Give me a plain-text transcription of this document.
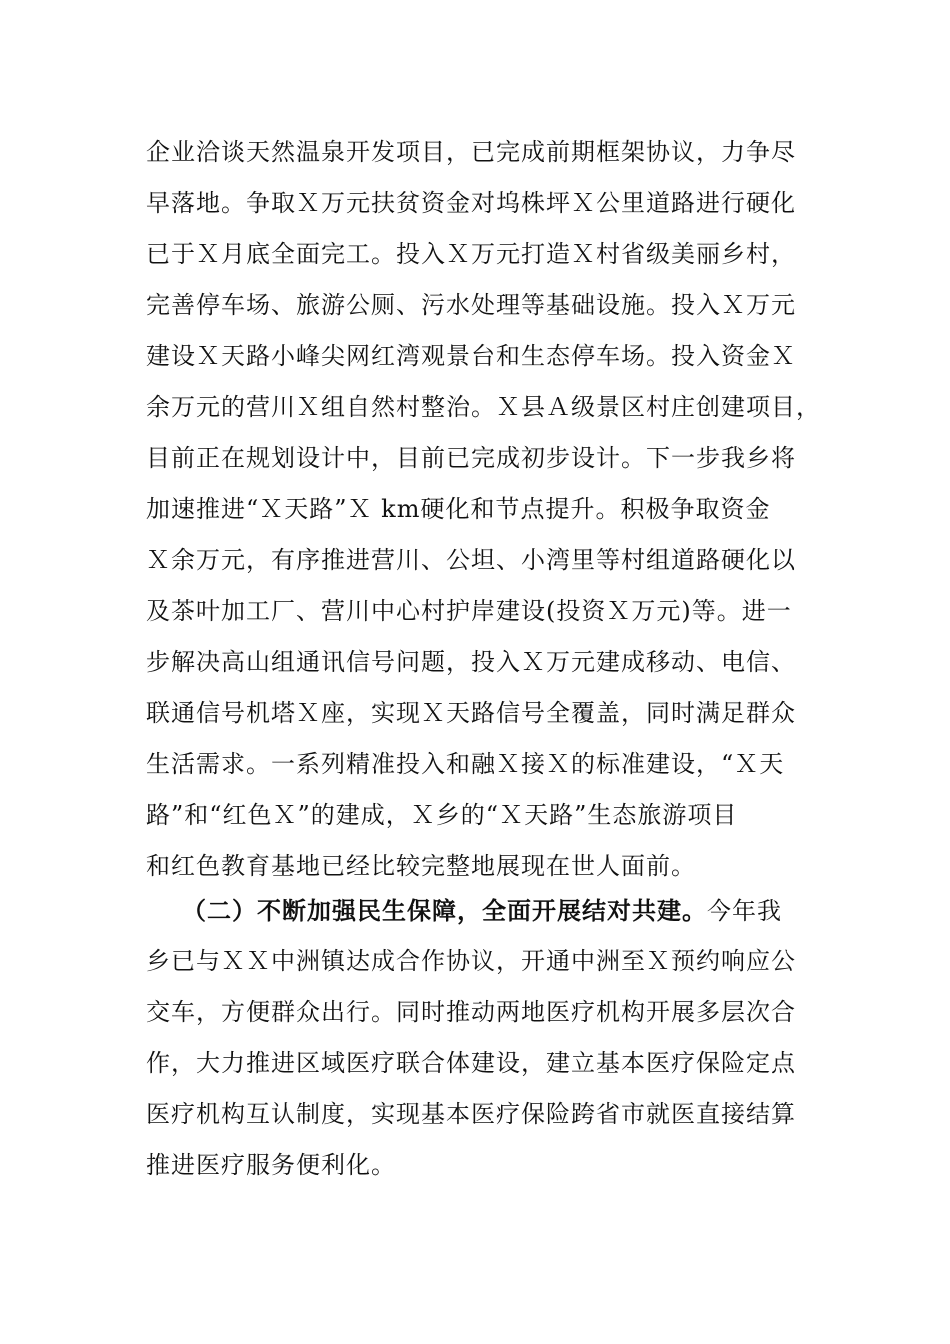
企业洽谈天然温泉开发项目，已完成前期框架协议，力争尽
早落地。争取Ｘ万元扶贫资金对坞株坪Ｘ公里道路进行硬化
已于Ｘ月底全面完工。投入Ｘ万元打造Ｘ村省级美丽乡村，
完善停车场、旅游公厕、污水处理等基础设施。投入Ｘ万元
建设Ｘ天路小峰尖网红湾观景台和生态停车场。投入资金Ｘ
余万元的营川Ｘ组自然村整治。Ｘ县Ａ级景区村庄创建项目，
目前正在规划设计中，目前已完成初步设计。下一步我乡将
加速推进“Ｘ天路”Ｘ km硬化和节点提升。积极争取资金
Ｘ余万元，有序推进营川、公坦、小湾里等村组道路硬化以
及茶叶加工厂、营川中心村护岸建设(投资Ｘ万元)等。进一
步解决高山组通讯信号问题，投入Ｘ万元建成移动、电信、
联通信号机塔Ｘ座，实现Ｘ天路信号全覆盖，同时满足群众
生活需求。一系列精准投入和融Ｘ接Ｘ的标准建设，“Ｘ天
路”和“红色Ｘ”的建成，Ｘ乡的“Ｘ天路”生态旅游项目
和红色教育基地已经比较完整地展现在世人面前。
（二）不断加强民生保障，全面开展结对共建。今年我
乡已与ＸＸ中洲镇达成合作协议，开通中洲至Ｘ预约响应公
交车，方便群众出行。同时推动两地医疗机构开展多层次合
作，大力推进区域医疗联合体建设，建立基本医疗保险定点
医疗机构互认制度，实现基本医疗保险跨省市就医直接结算
推进医疗服务便利化。
